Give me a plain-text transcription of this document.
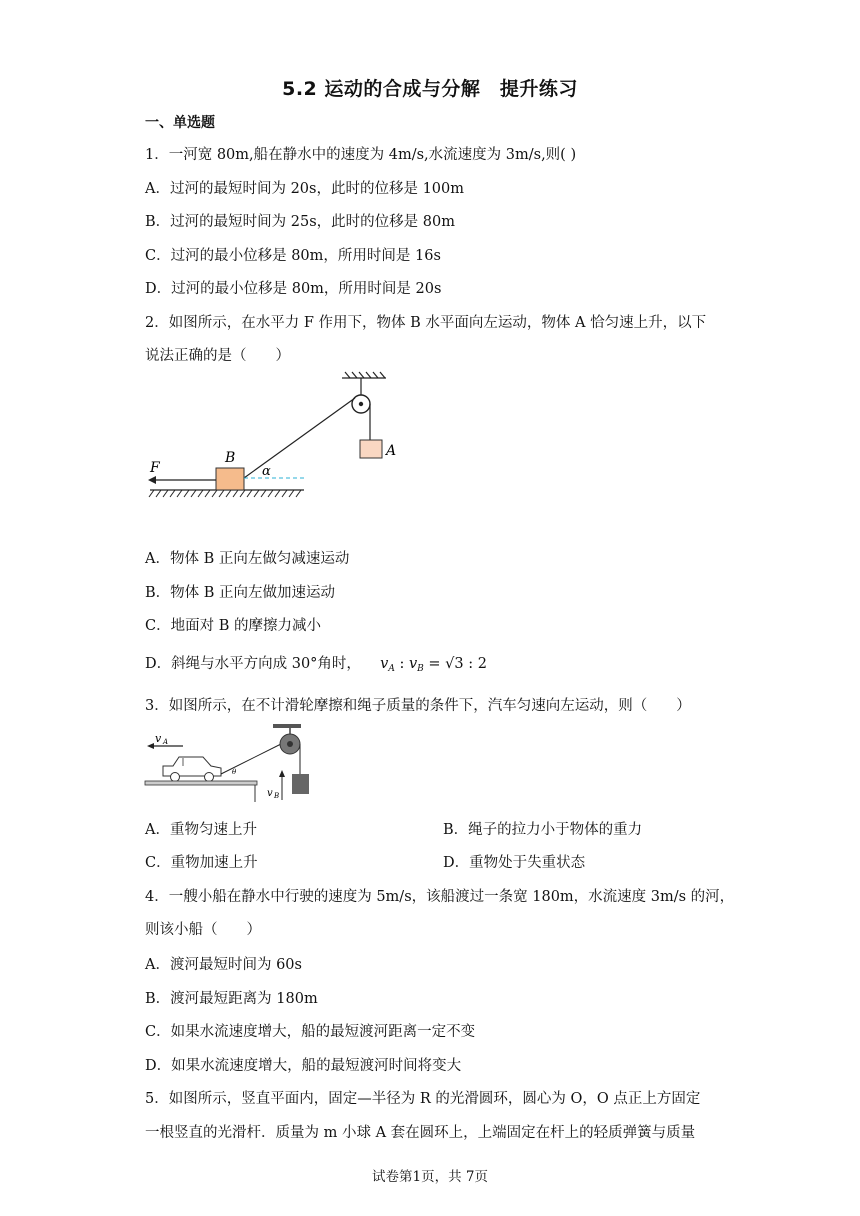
5.2 运动的合成与分解　提升练习
一、单选题
1．一河宽 80m,船在静水中的速度为 4m/s,水流速度为 3m/s,则( )
A．过河的最短时间为 20s，此时的位移是 100m
B．过河的最短时间为 25s，此时的位移是 80m
C．过河的最小位移是 80m，所用时间是 16s
D．过河的最小位移是 80m，所用时间是 20s
2．如图所示，在水平力 F 作用下，物体 B 水平面向左运动，物体 A 恰匀速上升，以下
说法正确的是（　　）
F
B	A
α
A．物体 B 正向左做匀减速运动
B．物体 B 正向左做加速运动
C．地面对 B 的摩擦力减小
D．斜绳与水平方向成 30°角时， $v_A$ : $v_B = √3$ : 2
3．如图所示，在不计滑轮摩擦和绳子质量的条件下，汽车匀速向左运动，则（　　）
v A
θ
v B
A．重物匀速上升	B．绳子的拉力小于物体的重力
C．重物加速上升	D．重物处于失重状态
4．一艘小船在静水中行驶的速度为 5m/s，该船渡过一条宽 180m，水流速度 3m/s 的河，
则该小船（　　）
A．渡河最短时间为 60s
B．渡河最短距离为 180m
C．如果水流速度增大，船的最短渡河距离一定不变
D．如果水流速度增大，船的最短渡河时间将变大
5．如图所示，竖直平面内，固定—半径为 R 的光滑圆环，圆心为 O，O 点正上方固定
一根竖直的光滑杆．质量为 m 小球 A 套在圆环上，上端固定在杆上的轻质弹簧与质量
试卷第1页，共 7页
